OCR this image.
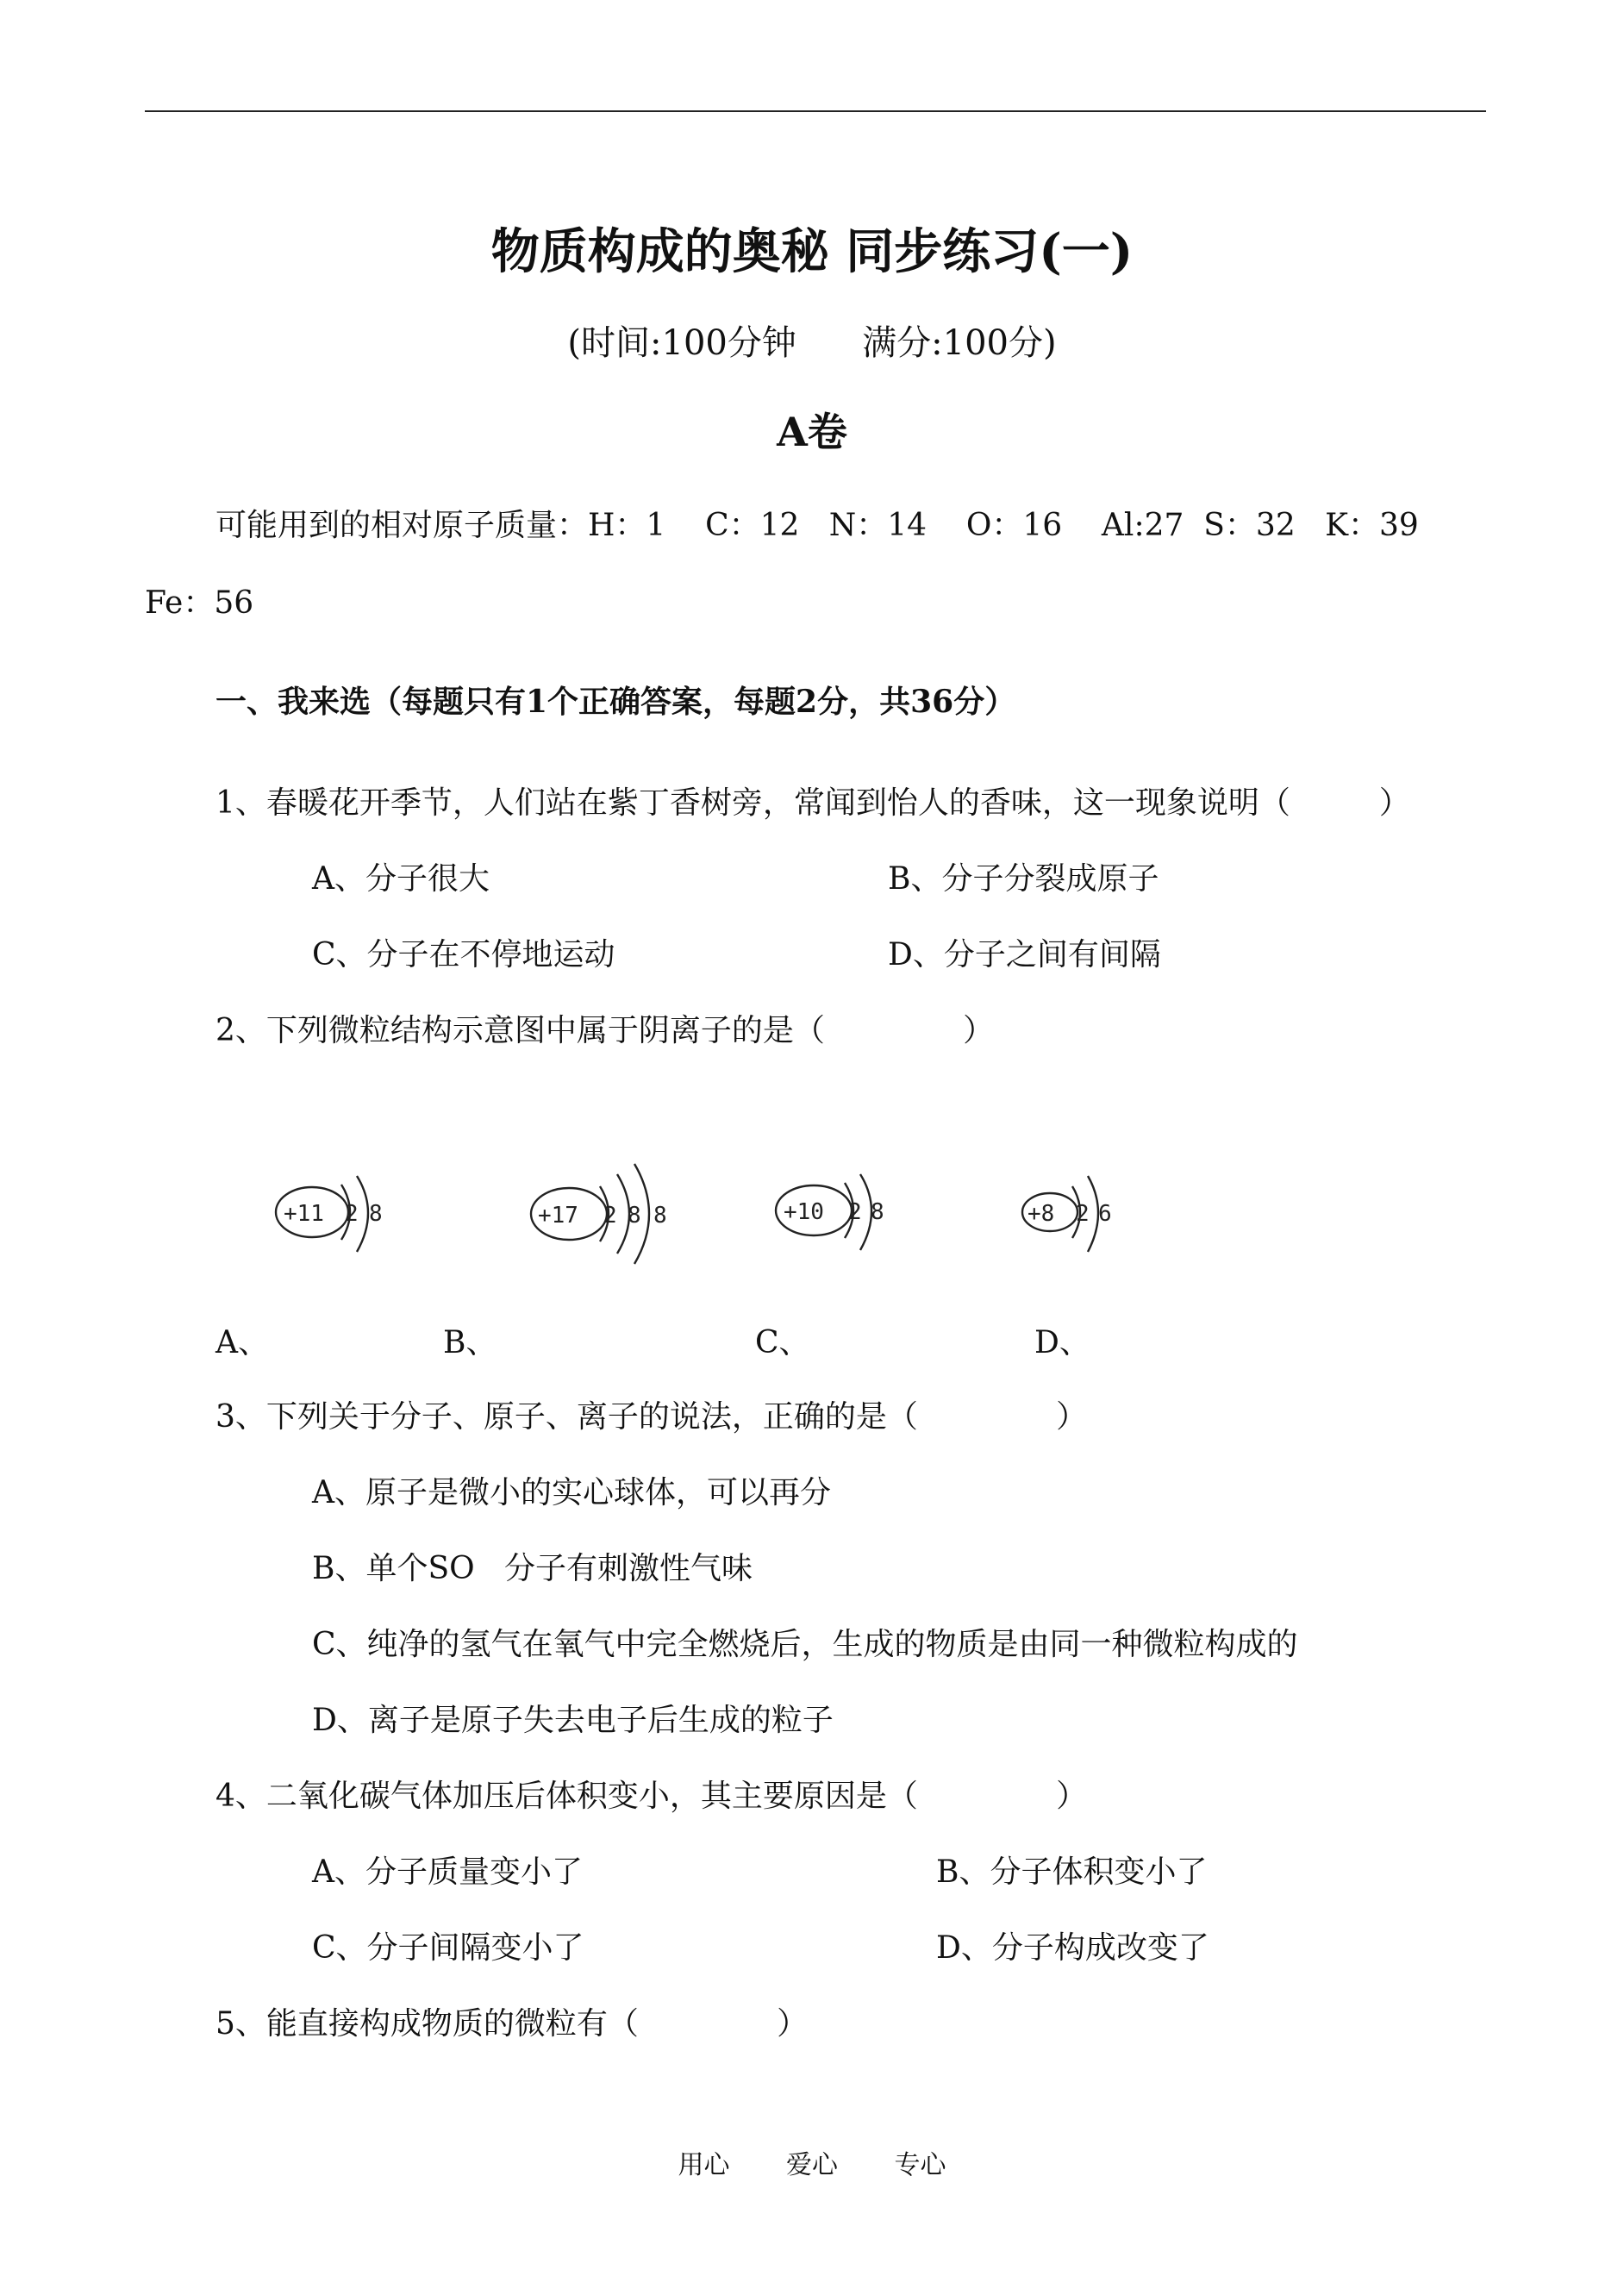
物质构成的奥秘 同步练习(一)
(时间:100分钟      满分:100分)
A卷
可能用到的相对原子质量：H：1    C：12   N：14    O：16    Al:27  S：32   K：39
Fe：56
一、我来选（每题只有1个正确答案，每题2分，共36分）
1、春暖花开季节，人们站在紫丁香树旁，常闻到怡人的香味，这一现象说明（         ）
A、分子很大	B、分子分裂成原子
C、分子在不停地运动	D、分子之间有间隔
2、下列微粒结构示意图中属于阴离子的是（              ）
+11 2 8	+17 2 8 8	+10 2 8	+8 2 6
A、	B、	C、	D、
3、下列关于分子、原子、离子的说法，正确的是（              ）
A、原子是微小的实心球体，可以再分
B、单个SO   分子有刺激性气味
C、纯净的氢气在氧气中完全燃烧后，生成的物质是由同一种微粒构成的
D、离子是原子失去电子后生成的粒子
4、二氧化碳气体加压后体积变小，其主要原因是（              ）
A、分子质量变小了	B、分子体积变小了
C、分子间隔变小了	D、分子构成改变了
5、能直接构成物质的微粒有（              ）
用心 爱心 专心
